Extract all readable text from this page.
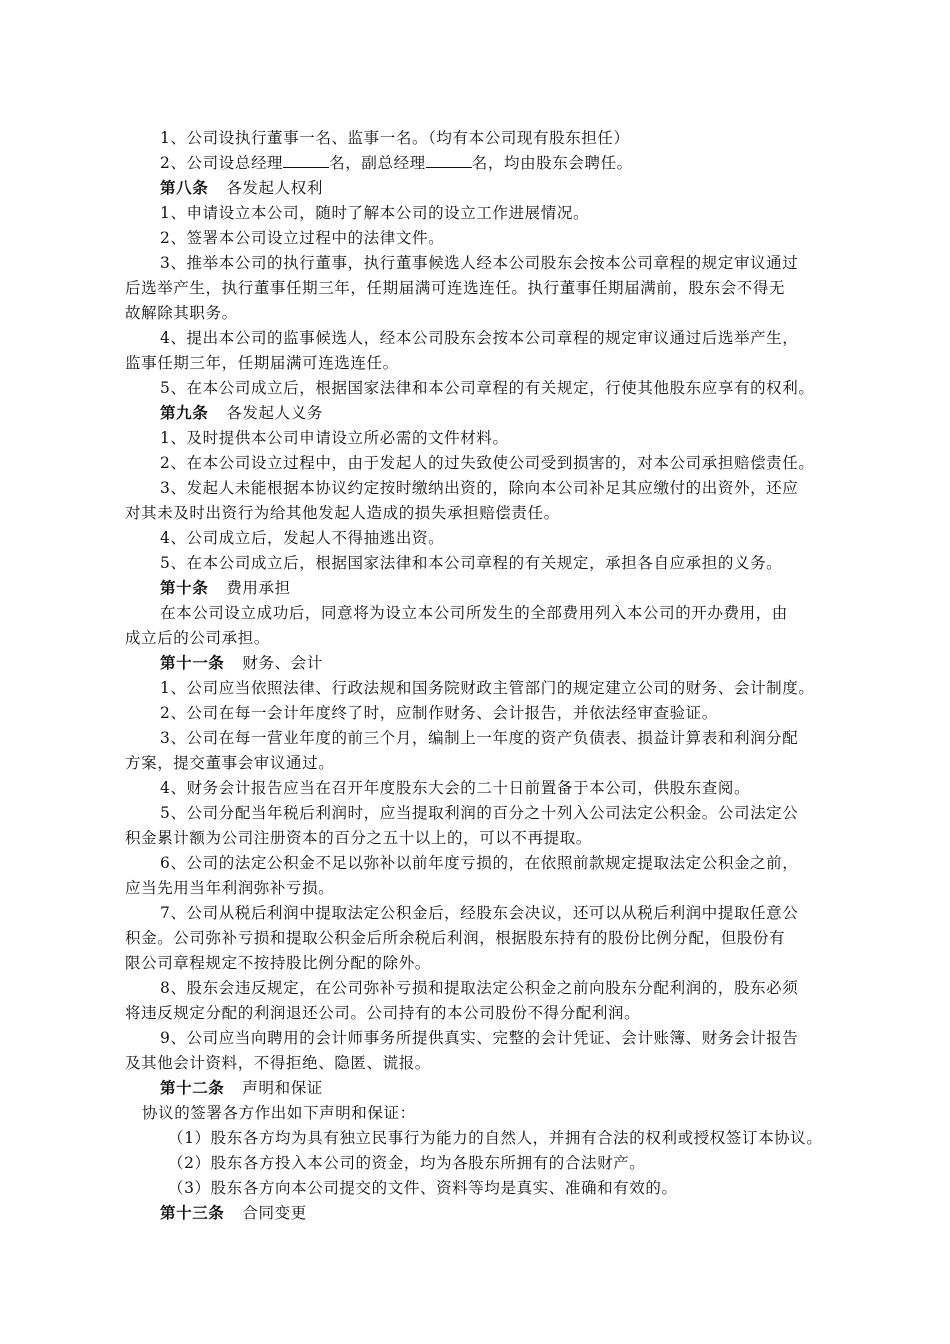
1、公司设执行董事一名、监事一名。（均有本公司现有股东担任）
2、公司设总经理	名，副总经理	名，均由股东会聘任。
第八条 各发起人权利
1、申请设立本公司，随时了解本公司的设立工作进展情况。
2、签署本公司设立过程中的法律文件。
3、推举本公司的执行董事，执行董事候选人经本公司股东会按本公司章程的规定审议通过
后选举产生，执行董事任期三年，任期届满可连选连任。执行董事任期届满前，股东会不得无
故解除其职务。
4、提出本公司的监事候选人，经本公司股东会按本公司章程的规定审议通过后选举产生，
监事任期三年，任期届满可连选连任。
5、在本公司成立后，根据国家法律和本公司章程的有关规定，行使其他股东应享有的权利。
第九条 各发起人义务
1、及时提供本公司申请设立所必需的文件材料。
2、在本公司设立过程中，由于发起人的过失致使公司受到损害的，对本公司承担赔偿责任。
3、发起人未能根据本协议约定按时缴纳出资的，除向本公司补足其应缴付的出资外，还应
对其未及时出资行为给其他发起人造成的损失承担赔偿责任。
4、公司成立后，发起人不得抽逃出资。
5、在本公司成立后，根据国家法律和本公司章程的有关规定，承担各自应承担的义务。
第十条 费用承担
在本公司设立成功后，同意将为设立本公司所发生的全部费用列入本公司的开办费用，由
成立后的公司承担。
第十一条 财务、会计
1、公司应当依照法律、行政法规和国务院财政主管部门的规定建立公司的财务、会计制度。
2、公司在每一会计年度终了时，应制作财务、会计报告，并依法经审查验证。
3、公司在每一营业年度的前三个月，编制上一年度的资产负债表、损益计算表和利润分配
方案，提交董事会审议通过。
4、财务会计报告应当在召开年度股东大会的二十日前置备于本公司，供股东查阅。
5、公司分配当年税后利润时，应当提取利润的百分之十列入公司法定公积金。公司法定公
积金累计额为公司注册资本的百分之五十以上的，可以不再提取。
6、公司的法定公积金不足以弥补以前年度亏损的，在依照前款规定提取法定公积金之前，
应当先用当年利润弥补亏损。
7、公司从税后利润中提取法定公积金后，经股东会决议，还可以从税后利润中提取任意公
积金。公司弥补亏损和提取公积金后所余税后利润，根据股东持有的股份比例分配，但股份有
限公司章程规定不按持股比例分配的除外。
8、股东会违反规定，在公司弥补亏损和提取法定公积金之前向股东分配利润的，股东必须
将违反规定分配的利润退还公司。公司持有的本公司股份不得分配利润。
9、公司应当向聘用的会计师事务所提供真实、完整的会计凭证、会计账簿、财务会计报告
及其他会计资料，不得拒绝、隐匿、谎报。
第十二条 声明和保证
协议的签署各方作出如下声明和保证：
（1）股东各方均为具有独立民事行为能力的自然人，并拥有合法的权利或授权签订本协议。
（2）股东各方投入本公司的资金，均为各股东所拥有的合法财产。
（3）股东各方向本公司提交的文件、资料等均是真实、准确和有效的。
第十三条 合同变更
